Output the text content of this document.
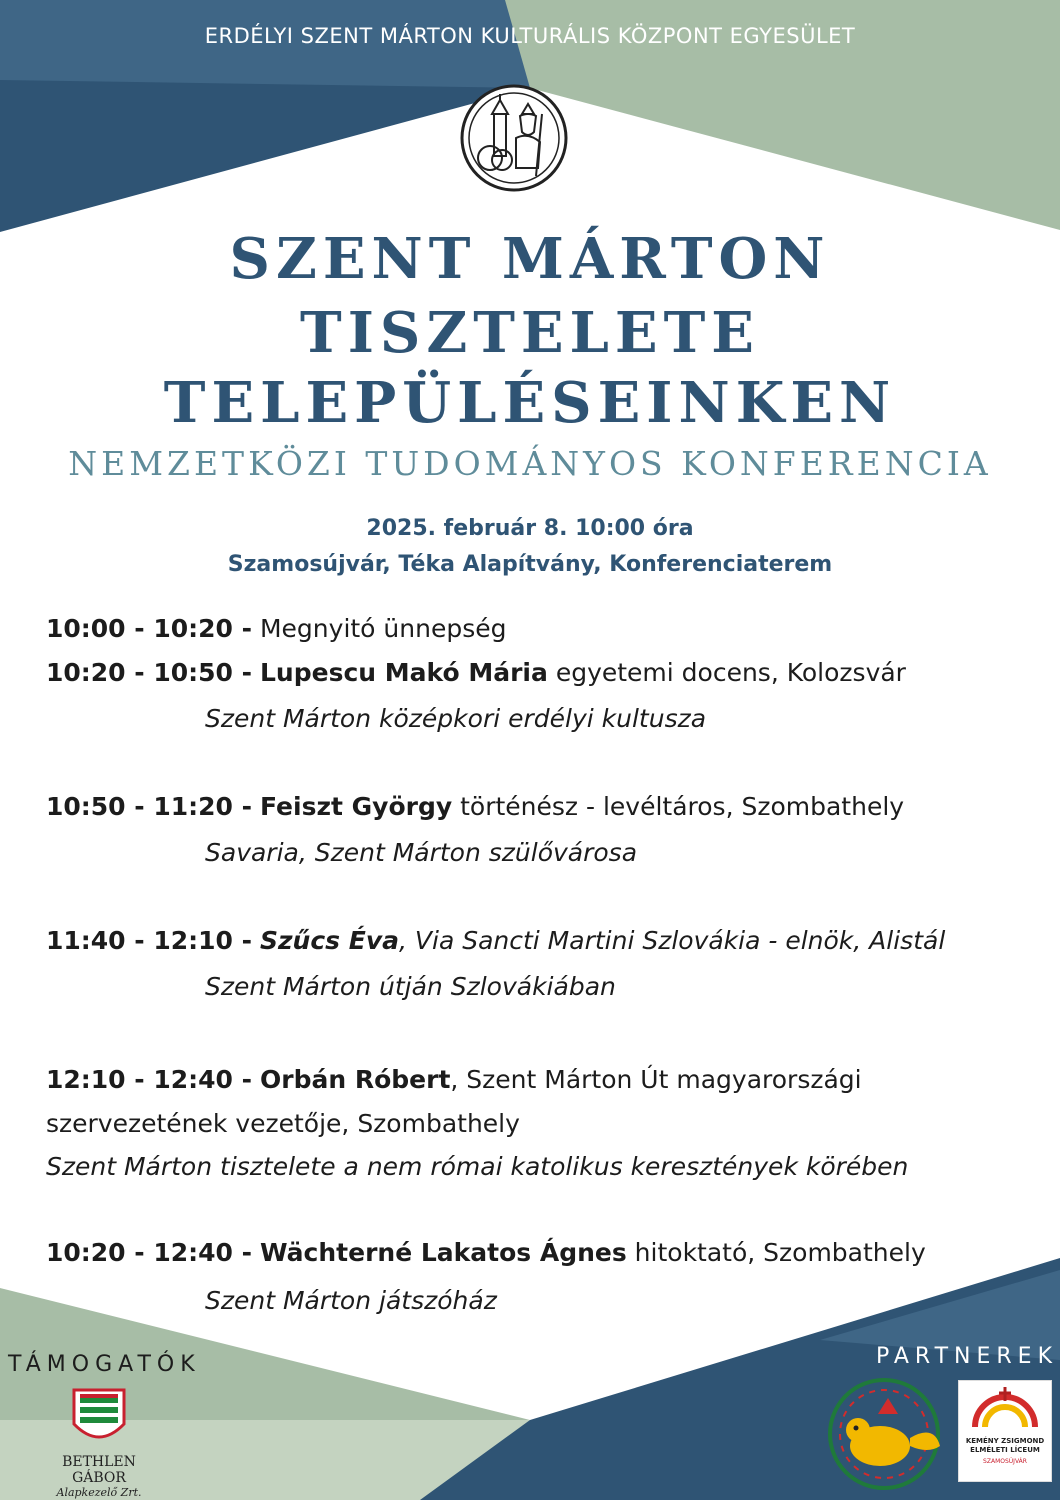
ERDÉLYI SZENT MÁRTON KULTURÁLIS KÖZPONT EGYESÜLET
SZENT MÁRTON
TISZTELETE
TELEPÜLÉSEINKEN
NEMZETKÖZI TUDOMÁNYOS KONFERENCIA
2025. február 8. 10:00 óra
Szamosújvár, Téka Alapítvány, Konferenciaterem
10:00 - 10:20 - Megnyitó ünnepség
10:20 - 10:50 - Lupescu Makó Mária egyetemi docens, Kolozsvár
Szent Márton középkori erdélyi kultusza
10:50 - 11:20 - Feiszt György történész - levéltáros, Szombathely
Savaria, Szent Márton szülővárosa
11:40 - 12:10 - Szűcs Éva, Via Sancti Martini Szlovákia - elnök, Alistál
Szent Márton útján Szlovákiában
12:10 - 12:40 - Orbán Róbert, Szent Márton Út magyarországi szervezetének vezetője, Szombathely
Szent Márton tisztelete a nem római katolikus keresztények körében
10:20 - 12:40 - Wächterné Lakatos Ágnes hitoktató, Szombathely
Szent Márton játszóház
TÁMOGATÓK	PARTNEREK
BETHLEN GÁBOR
Alapkezelő Zrt.
KEMÉNY ZSIGMOND
ELMÉLETI LÍCEUM
SZAMOSÚJVÁR
